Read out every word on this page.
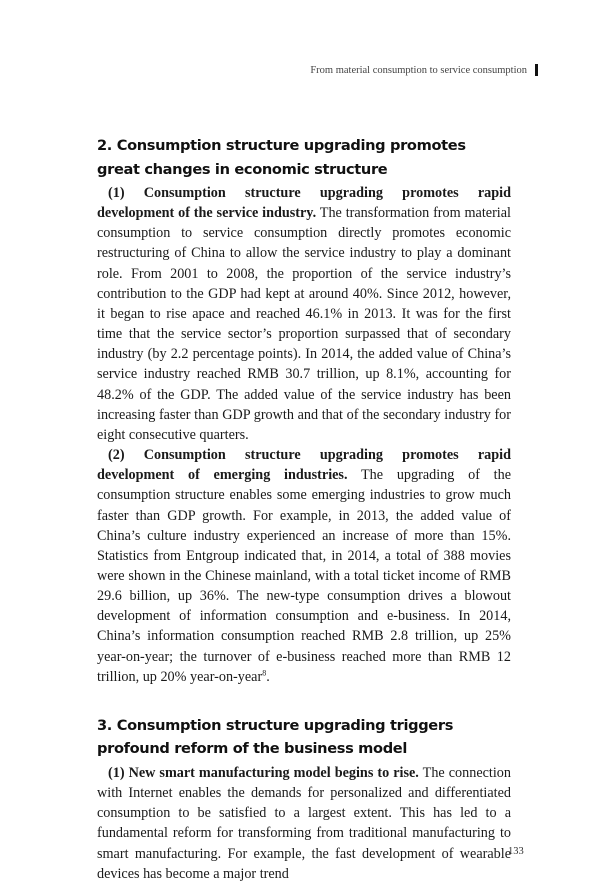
From material consumption to service consumption
2. Consumption structure upgrading promotes great changes in economic structure

(1) Consumption structure upgrading promotes rapid development of the service industry. The transformation from material consumption to service consumption directly promotes economic restructuring of China to allow the service industry to play a dominant role. From 2001 to 2008, the proportion of the service industry’s contribution to the GDP had kept at around 40%. Since 2012, however, it began to rise apace and reached 46.1% in 2013. It was for the first time that the service sector’s proportion surpassed that of secondary industry (by 2.2 percentage points). In 2014, the added value of China’s service industry reached RMB 30.7 trillion, up 8.1%, accounting for 48.2% of the GDP. The added value of the service industry has been increasing faster than GDP growth and that of the secondary industry for eight consecutive quarters.

(2) Consumption structure upgrading promotes rapid development of emerging industries. The upgrading of the consumption structure enables some emerging industries to grow much faster than GDP growth. For example, in 2013, the added value of China’s culture industry experienced an increase of more than 15%. Statistics from Entgroup indicated that, in 2014, a total of 388 movies were shown in the Chinese mainland, with a total ticket income of RMB 29.6 billion, up 36%. The new-type consumption drives a blowout development of information consumption and e-business. In 2014, China’s information consumption reached RMB 2.8 trillion, up 25% year-on-year; the turnover of e-business reached more than RMB 12 trillion, up 20% year-on-year$^8$.

3. Consumption structure upgrading triggers profound reform of the business model

(1) New smart manufacturing model begins to rise. The connection with Internet enables the demands for personalized and differentiated consumption to be satisfied to a largest extent. This has led to a fundamental reform for transforming from traditional manufacturing to smart manufacturing. For example, the fast development of wearable devices has become a major trend

133
